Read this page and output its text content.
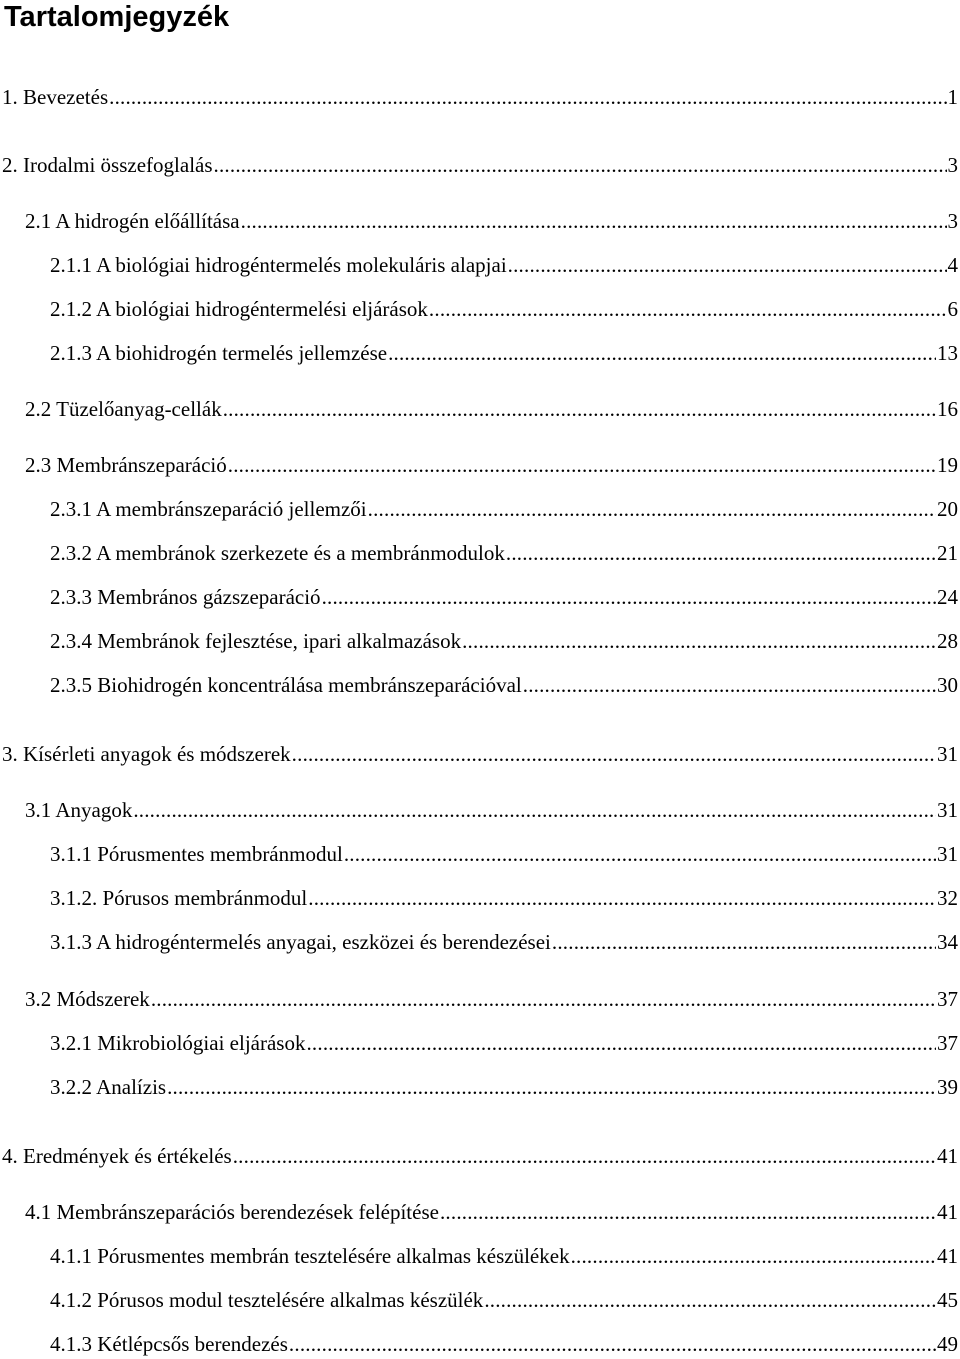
Tartalomjegyzék
1. Bevezetés .....	1
2. Irodalmi összefoglalás .....	3
2.1 A hidrogén előállítása .....	3
2.1.1 A biológiai hidrogéntermelés molekuláris alapjai .....	4
2.1.2 A biológiai hidrogéntermelési eljárások .....	6
2.1.3 A biohidrogén termelés jellemzése .....	13
2.2 Tüzelőanyag-cellák .....	16
2.3 Membránszeparáció .....	19
2.3.1 A membránszeparáció jellemzői .....	20
2.3.2 A membránok szerkezete és a membránmodulok .....	21
2.3.3 Membrános gázszeparáció .....	24
2.3.4 Membránok fejlesztése, ipari alkalmazások .....	28
2.3.5 Biohidrogén koncentrálása membránszeparációval .....	30
3. Kísérleti anyagok és módszerek .....	31
3.1 Anyagok .....	31
3.1.1 Pórusmentes membránmodul .....	31
3.1.2. Pórusos membránmodul .....	32
3.1.3 A hidrogéntermelés anyagai, eszközei és berendezései .....	34
3.2 Módszerek .....	37
3.2.1 Mikrobiológiai eljárások .....	37
3.2.2 Analízis .....	39
4. Eredmények és értékelés .....	41
4.1 Membránszeparációs berendezések felépítése .....	41
4.1.1 Pórusmentes membrán tesztelésére alkalmas készülékek .....	41
4.1.2 Pórusos modul tesztelésére alkalmas készülék .....	45
4.1.3 Kétlépcsős berendezés .....	49
